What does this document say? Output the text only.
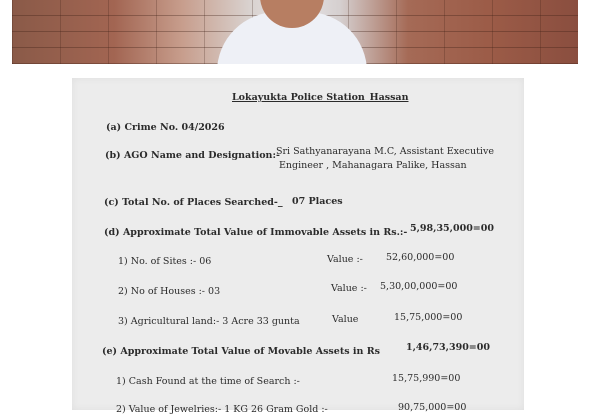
Lokayukta Police Station_Hassan
(a) Crime No. 04/2026
(b) AGO Name and Designation:-
Sri Sathyanarayana M.C, Assistant Executive
Engineer , Mahanagara Palike, Hassan
(c) Total No. of Places Searched-_ 07 Places
(d) Approximate Total Value of Immovable Assets in Rs.:- 5,98,35,000=00
1) No. of Sites :- 06	Value :- 52,60,000=00
2) No of Houses :- 03	Value :- 5,30,00,000=00
3) Agricultural land:- 3 Acre 33 gunta	Value	15,75,000=00
(e) Approximate Total Value of Movable Assets in Rs	1,46,73,390=00
1) Cash Found at the time of Search :-	15,75,990=00
2) Value of Jewelries:- 1 KG 26 Gram Gold :-	90,75,000=00
